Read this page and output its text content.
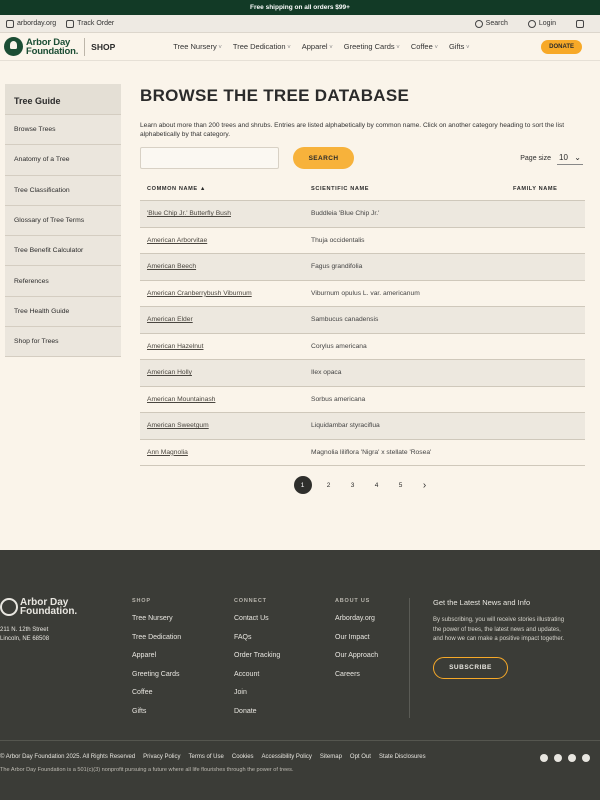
Free shipping on all orders $99+
arborday.org	Track Order	Search	Login
Arbor Day
Foundation. SHOP	Tree Nursery ˅	Tree Dedication ˅	Apparel ˅	Greeting Cards ˅	Coffee ˅	Gifts ˅	DONATE
Tree Guide
Browse Trees
Anatomy of a Tree
Tree Classification
Glossary of Tree Terms
Tree Benefit Calculator
References
Tree Health Guide
Shop for Trees
BROWSE THE TREE DATABASE

Learn about more than 200 trees and shrubs. Entries are listed alphabetically by common name. Click on another category heading to sort the list alphabetically by that category.

SEARCH	Page size 10 ⌄
COMMON NAME ▲	SCIENTIFIC NAME	FAMILY NAME
'Blue Chip Jr.' Butterfly Bush	Buddleia 'Blue Chip Jr.'
American Arborvitae	Thuja occidentalis
American Beech	Fagus grandifolia
American Cranberrybush Viburnum	Viburnum opulus L. var. americanum
American Elder	Sambucus canadensis
American Hazelnut	Corylus americana
American Holly	Ilex opaca
American Mountainash	Sorbus americana
American Sweetgum	Liquidambar styraciflua
Ann Magnolia	Magnolia liliflora 'Nigra' x stellate 'Rosea'
1	2	3	4	5	›
Arbor Day
Foundation.
211 N. 12th Street
Lincoln, NE 68508
SHOP
Tree Nursery
Tree Dedication
Apparel
Greeting Cards
Coffee
Gifts
CONNECT
Contact Us
FAQs
Order Tracking
Account
Join
Donate
ABOUT US
Arborday.org
Our Impact
Our Approach
Careers
Get the Latest News and Info
By subscribing, you will receive stories illustrating the power of trees, the latest news and updates, and how we can make a positive impact together.
SUBSCRIBE
© Arbor Day Foundation 2025. All Rights Reserved Privacy Policy Terms of Use Cookies Accessibility Policy Sitemap Opt Out State Disclosures
The Arbor Day Foundation is a 501(c)(3) nonprofit pursuing a future where all life flourishes through the power of trees.
